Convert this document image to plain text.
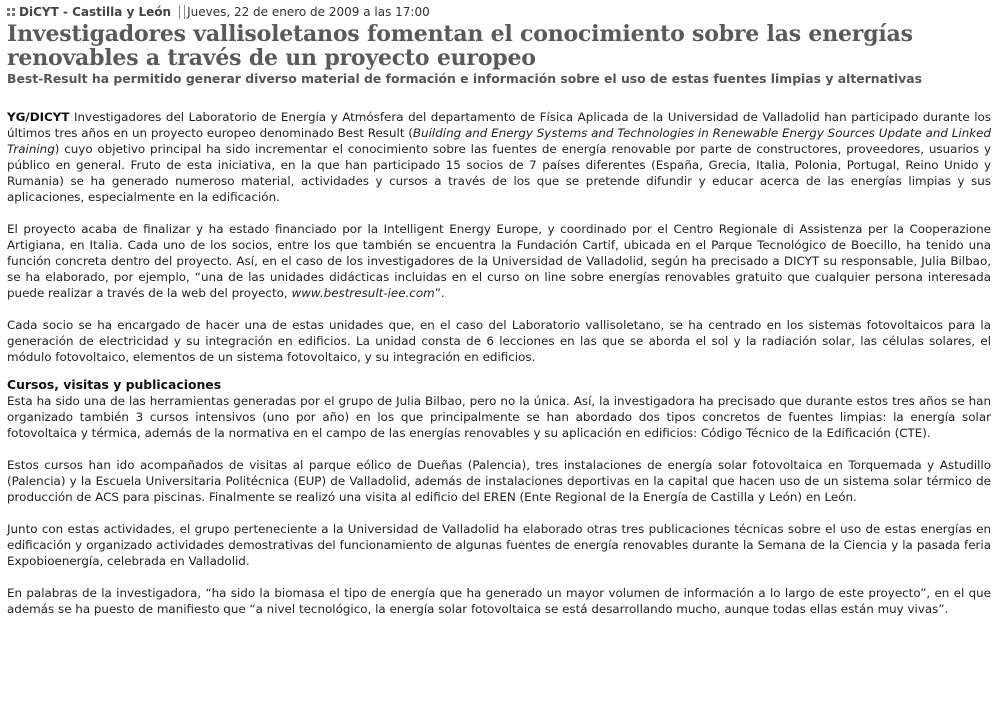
DiCYT - Castilla y León Jueves, 22 de enero de 2009 a las 17:00
Investigadores vallisoletanos fomentan el conocimiento sobre las energías renovables a través de un proyecto europeo
Best-Result ha permitido generar diverso material de formación e información sobre el uso de estas fuentes limpias y alternativas

YG/DICYT Investigadores del Laboratorio de Energía y Atmósfera del departamento de Física Aplicada de la Universidad de Valladolid han participado durante los últimos tres años en un proyecto europeo denominado Best Result (Building and Energy Systems and Technologies in Renewable Energy Sources Update and Linked Training) cuyo objetivo principal ha sido incrementar el conocimiento sobre las fuentes de energía renovable por parte de constructores, proveedores, usuarios y público en general. Fruto de esta iniciativa, en la que han participado 15 socios de 7 países diferentes (España, Grecia, Italia, Polonia, Portugal, Reino Unido y Rumania) se ha generado numeroso material, actividades y cursos a través de los que se pretende difundir y educar acerca de las energías limpias y sus aplicaciones, especialmente en la edificación.

El proyecto acaba de finalizar y ha estado financiado por la Intelligent Energy Europe, y coordinado por el Centro Regionale di Assistenza per la Cooperazione Artigiana, en Italia. Cada uno de los socios, entre los que también se encuentra la Fundación Cartif, ubicada en el Parque Tecnológico de Boecillo, ha tenido una función concreta dentro del proyecto. Así, en el caso de los investigadores de la Universidad de Valladolid, según ha precisado a DICYT su responsable, Julia Bilbao, se ha elaborado, por ejemplo, “una de las unidades didácticas incluidas en el curso on line sobre energías renovables gratuito que cualquier persona interesada puede realizar a través de la web del proyecto, www.bestresult-iee.com”.

Cada socio se ha encargado de hacer una de estas unidades que, en el caso del Laboratorio vallisoletano, se ha centrado en los sistemas fotovoltaicos para la generación de electricidad y su integración en edificios. La unidad consta de 6 lecciones en las que se aborda el sol y la radiación solar, las células solares, el módulo fotovoltaico, elementos de un sistema fotovoltaico, y su integración en edificios.

Cursos, visitas y publicaciones

Esta ha sido una de las herramientas generadas por el grupo de Julia Bilbao, pero no la única. Así, la investigadora ha precisado que durante estos tres años se han organizado también 3 cursos intensivos (uno por año) en los que principalmente se han abordado dos tipos concretos de fuentes limpias: la energía solar fotovoltaica y térmica, además de la normativa en el campo de las energías renovables y su aplicación en edificios: Código Técnico de la Edificación (CTE).

Estos cursos han ido acompañados de visitas al parque eólico de Dueñas (Palencia), tres instalaciones de energía solar fotovoltaica en Torquemada y Astudillo (Palencia) y la Escuela Universitaria Politécnica (EUP) de Valladolid, además de instalaciones deportivas en la capital que hacen uso de un sistema solar térmico de producción de ACS para piscinas. Finalmente se realizó una visita al edificio del EREN (Ente Regional de la Energía de Castilla y León) en León.

Junto con estas actividades, el grupo perteneciente a la Universidad de Valladolid ha elaborado otras tres publicaciones técnicas sobre el uso de estas energías en edificación y organizado actividades demostrativas del funcionamiento de algunas fuentes de energía renovables durante la Semana de la Ciencia y la pasada feria Expobioenergía, celebrada en Valladolid.

En palabras de la investigadora, “ha sido la biomasa el tipo de energía que ha generado un mayor volumen de información a lo largo de este proyecto”, en el que además se ha puesto de manifiesto que “a nivel tecnológico, la energía solar fotovoltaica se está desarrollando mucho, aunque todas ellas están muy vivas”.
